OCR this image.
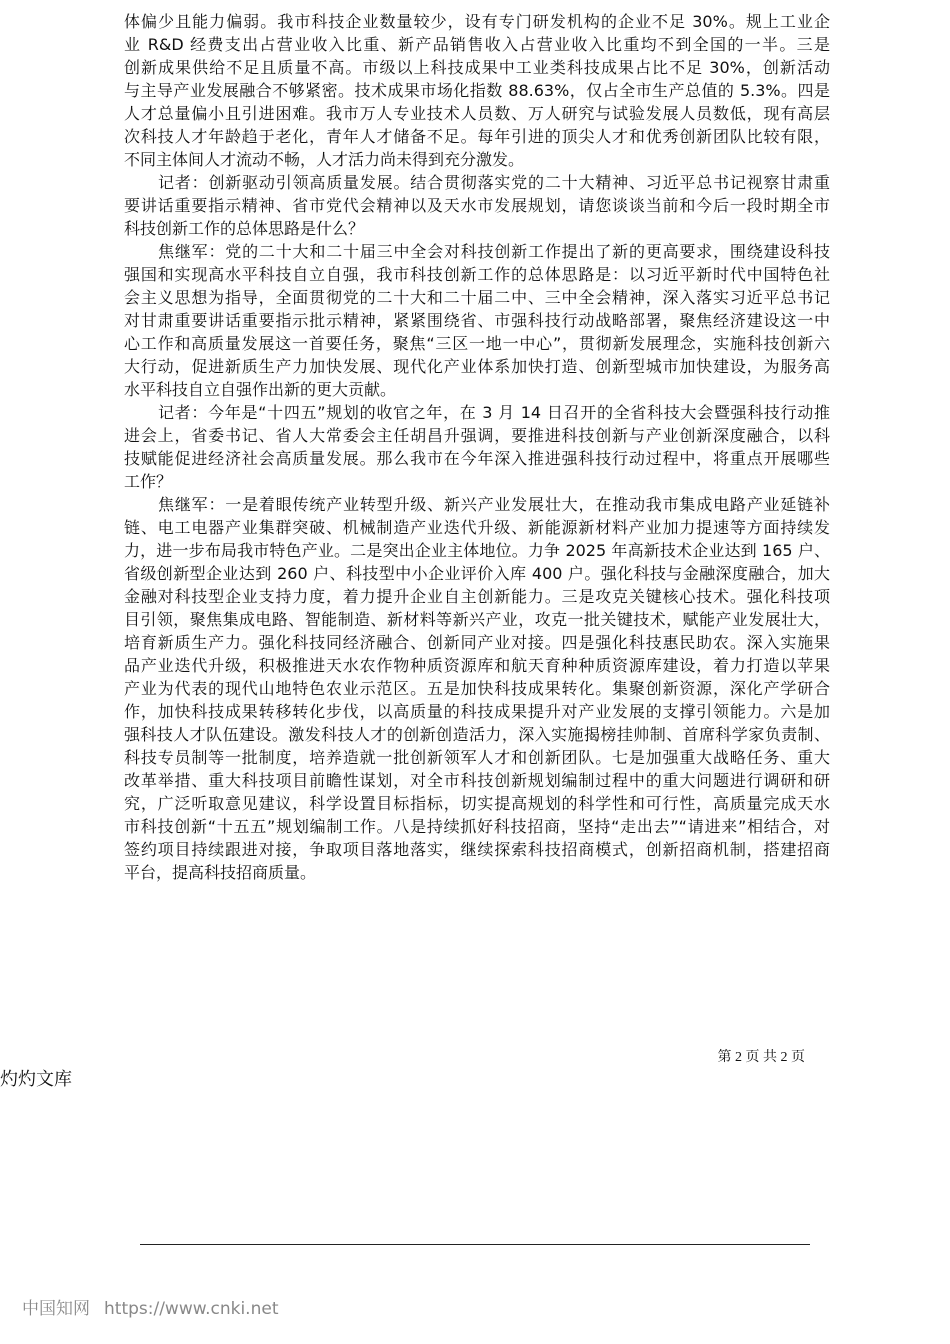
体偏少且能力偏弱。我市科技企业数量较少，设有专门研发机构的企业不足 30%。规上工业企
业 R&D 经费支出占营业收入比重、新产品销售收入占营业收入比重均不到全国的一半。三是
创新成果供给不足且质量不高。市级以上科技成果中工业类科技成果占比不足 30%，创新活动
与主导产业发展融合不够紧密。技术成果市场化指数 88.63%，仅占全市生产总值的 5.3%。四是
人才总量偏小且引进困难。我市万人专业技术人员数、万人研究与试验发展人员数低，现有高层
次科技人才年龄趋于老化，青年人才储备不足。每年引进的顶尖人才和优秀创新团队比较有限，
不同主体间人才流动不畅，人才活力尚未得到充分激发。
记者：创新驱动引领高质量发展。结合贯彻落实党的二十大精神、习近平总书记视察甘肃重
要讲话重要指示精神、省市党代会精神以及天水市发展规划，请您谈谈当前和今后一段时期全市
科技创新工作的总体思路是什么？
焦继军：党的二十大和二十届三中全会对科技创新工作提出了新的更高要求，围绕建设科技
强国和实现高水平科技自立自强，我市科技创新工作的总体思路是：以习近平新时代中国特色社
会主义思想为指导，全面贯彻党的二十大和二十届二中、三中全会精神，深入落实习近平总书记
对甘肃重要讲话重要指示批示精神，紧紧围绕省、市强科技行动战略部署，聚焦经济建设这一中
心工作和高质量发展这一首要任务，聚焦“三区一地一中心”，贯彻新发展理念，实施科技创新六
大行动，促进新质生产力加快发展、现代化产业体系加快打造、创新型城市加快建设，为服务高
水平科技自立自强作出新的更大贡献。
记者：今年是“十四五”规划的收官之年，在 3 月 14 日召开的全省科技大会暨强科技行动推
进会上，省委书记、省人大常委会主任胡昌升强调，要推进科技创新与产业创新深度融合，以科
技赋能促进经济社会高质量发展。那么我市在今年深入推进强科技行动过程中，将重点开展哪些
工作？
焦继军：一是着眼传统产业转型升级、新兴产业发展壮大，在推动我市集成电路产业延链补
链、电工电器产业集群突破、机械制造产业迭代升级、新能源新材料产业加力提速等方面持续发
力，进一步布局我市特色产业。二是突出企业主体地位。力争 2025 年高新技术企业达到 165 户、
省级创新型企业达到 260 户、科技型中小企业评价入库 400 户。强化科技与金融深度融合，加大
金融对科技型企业支持力度，着力提升企业自主创新能力。三是攻克关键核心技术。强化科技项
目引领，聚焦集成电路、智能制造、新材料等新兴产业，攻克一批关键技术，赋能产业发展壮大，
培育新质生产力。强化科技同经济融合、创新同产业对接。四是强化科技惠民助农。深入实施果
品产业迭代升级，积极推进天水农作物种质资源库和航天育种种质资源库建设，着力打造以苹果
产业为代表的现代山地特色农业示范区。五是加快科技成果转化。集聚创新资源，深化产学研合
作，加快科技成果转移转化步伐，以高质量的科技成果提升对产业发展的支撑引领能力。六是加
强科技人才队伍建设。激发科技人才的创新创造活力，深入实施揭榜挂帅制、首席科学家负责制、
科技专员制等一批制度，培养造就一批创新领军人才和创新团队。七是加强重大战略任务、重大
改革举措、重大科技项目前瞻性谋划，对全市科技创新规划编制过程中的重大问题进行调研和研
究，广泛听取意见建议，科学设置目标指标，切实提高规划的科学性和可行性，高质量完成天水
市科技创新“十五五”规划编制工作。八是持续抓好科技招商，坚持“走出去”“请进来”相结合，对
签约项目持续跟进对接，争取项目落地落实，继续探索科技招商模式，创新招商机制，搭建招商
平台，提高科技招商质量。
第 2 页 共 2 页
灼灼文库
中国知网 https://www.cnki.net
